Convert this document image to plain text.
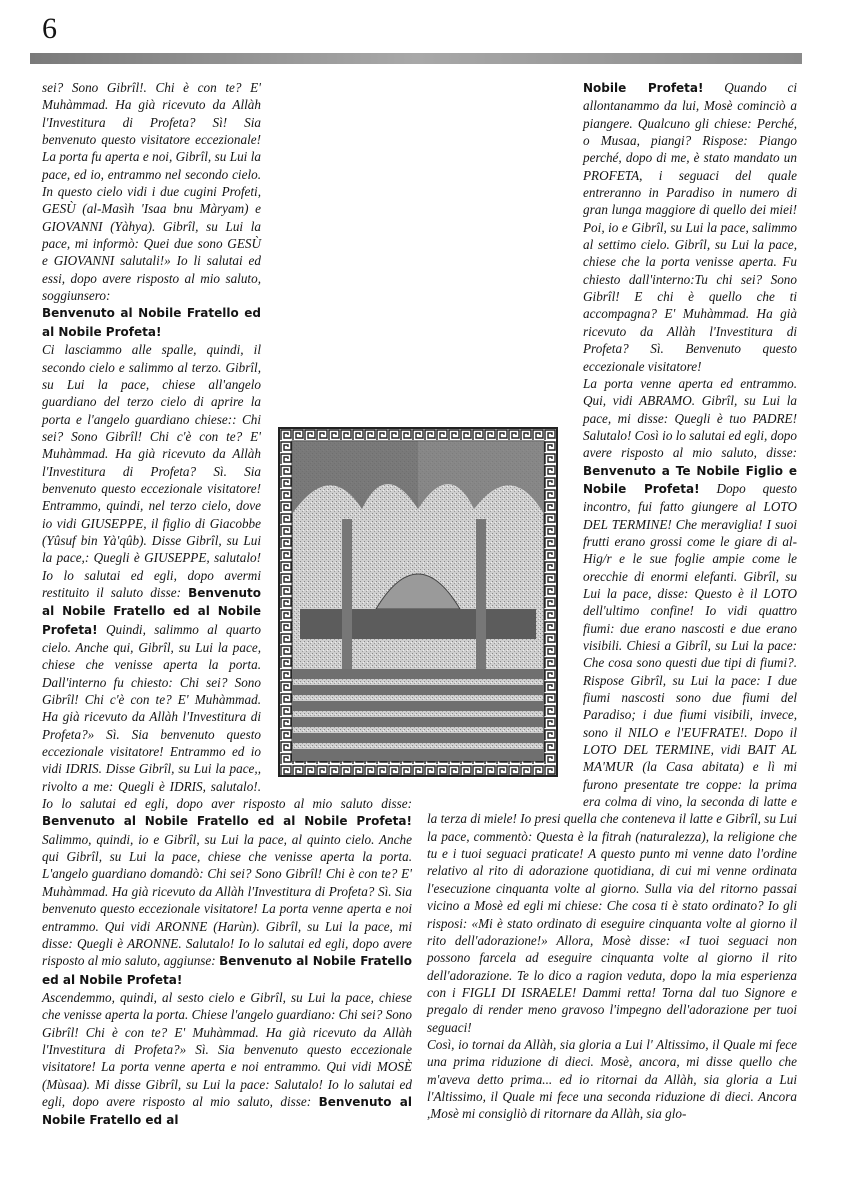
6

sei? Sono Gibrîl!. Chi è con te? E' Muhàmmad. Ha già ricevuto da Allàh l'Investitura di Profeta? Sì! Sia benvenuto questo visitatore eccezionale! La porta fu aperta e noi, Gibrîl, su Lui la pace, ed io, entrammo nel secondo cielo. In questo cielo vidi i due cugini Profeti, GESÙ (al-Masìh 'Isaa bnu Màryam) e GIOVANNI (Yàhya). Gibrîl, su Lui la pace, mi informò: Quei due sono GESÙ e GIOVANNI salutali!» Io li salutai ed essi, dopo avere risposto al mio saluto, soggiunsero:

Benvenuto al Nobile Fratello ed al Nobile Profeta!

Ci lasciammo alle spalle, quindi, il secondo cielo e salimmo al terzo. Gibrîl, su Lui la pace, chiese all'angelo guardiano del terzo cielo di aprire la porta e l'angelo guardiano chiese:: Chi sei? Sono Gibrîl! Chi c'è con te? E' Muhàmmad. Ha già ricevuto da Allàh l'Investitura di Profeta? Sì. Sia benvenuto questo eccezionale visitatore! Entrammo, quindi, nel terzo cielo, dove io vidi GIUSEPPE, il figlio di Giacobbe (Yûsuf bin Yà'qûb). Disse Gibrîl, su Lui la pace,: Quegli è GIUSEPPE, salutalo! Io lo salutai ed egli, dopo avermi restituito il saluto disse: Benvenuto al Nobile Fratello ed al Nobile Profeta! Quindi, salimmo al quarto cielo. Anche qui, Gibrîl, su Lui la pace, chiese che venisse aperta la porta. Dall'interno fu chiesto: Chi sei? Sono Gibrîl! Chi c'è con te? E' Muhàmmad. Ha già ricevuto da Allàh l'Investitura di Profeta?» Sì. Sia benvenuto questo eccezionale visitatore! Entrammo ed io vidi IDRIS. Disse Gibrîl, su Lui la pace,, rivolto a me: Quegli è IDRIS, salutalo!. Io lo salutai ed egli, dopo aver risposto al mio saluto disse: Benvenuto al Nobile Fratello ed al Nobile Profeta! Salimmo, quindi, io e Gibrîl, su Lui la pace, al quinto cielo. Anche qui Gibrîl, su Lui la pace, chiese che venisse aperta la porta. L'angelo guardiano domandò: Chi sei? Sono Gibrîl! Chi è con te? E' Muhàmmad. Ha già ricevuto da Allàh l'Investitura di Profeta? Sì. Sia benvenuto questo eccezionale visitatore! La porta venne aperta e noi entrammo. Qui vidi ARONNE (Harùn). Gibrîl, su Lui la pace, mi disse: Quegli è ARONNE. Salutalo! Io lo salutai ed egli, dopo avere risposto al mio saluto, aggiunse: Benvenuto al Nobile Fratello ed al Nobile Profeta!

Ascendemmo, quindi, al sesto cielo e Gibrîl, su Lui la pace, chiese che venisse aperta la porta. Chiese l'angelo guardiano: Chi sei? Sono Gibrîl! Chi è con te? E' Muhàmmad. Ha già ricevuto da Allàh l'Investitura di Profeta?» Sì. Sia benvenuto questo eccezionale visitatore! La porta venne aperta e noi entrammo. Qui vidi MOSÈ (Mùsaa). Mi disse Gibrîl, su Lui la pace: Salutalo! Io lo salutai ed egli, dopo avere risposto al mio saluto, disse: Benvenuto al Nobile Fratello ed al

Nobile Profeta! Quando ci allontanammo da lui, Mosè cominciò a piangere. Qualcuno gli chiese: Perché, o Musaa, piangi? Rispose: Piango perché, dopo di me, è stato mandato un PROFETA, i seguaci del quale entreranno in Paradiso in numero di gran lunga maggiore di quello dei miei! Poi, io e Gibrîl, su Lui la pace, salimmo al settimo cielo. Gibrîl, su Lui la pace, chiese che la porta venisse aperta. Fu chiesto dall'interno:Tu chi sei? Sono Gibrîl! E chi è quello che ti accompagna? E' Muhàmmad. Ha già ricevuto da Allàh l'Investitura di Profeta? Sì. Benvenuto questo eccezionale visitatore!

La porta venne aperta ed entrammo. Qui, vidi ABRAMO. Gibrîl, su Lui la pace, mi disse: Quegli è tuo PADRE! Salutalo! Così io lo salutai ed egli, dopo avere risposto al mio saluto, disse: Benvenuto a Te Nobile Figlio e Nobile Profeta! Dopo questo incontro, fui fatto giungere al LOTO DEL TERMINE! Che meraviglia! I suoi frutti erano grossi come le giare di al-Hig/r e le sue foglie ampie come le orecchie di enormi elefanti. Gibrîl, su Lui la pace, disse: Questo è il LOTO dell'ultimo confine! Io vidi quattro fiumi: due erano nascosti e due erano visibili. Chiesi a Gibrîl, su Lui la pace: Che cosa sono questi due tipi di fiumi?. Rispose Gibrîl, su Lui la pace: I due fiumi nascosti sono due fiumi del Paradiso; i due fiumi visibili, invece, sono il NILO e l'EUFRATE!. Dopo il LOTO DEL TERMINE, vidi BAIT AL MA'MUR (la Casa abitata) e lì mi furono presentate tre coppe: la prima era colma di vino, la seconda di latte e la terza di miele! Io presi quella che conteneva il latte e Gibrîl, su Lui la pace, commentò: Questa è la fitrah (naturalezza), la religione che tu e i tuoi seguaci praticate! A questo punto mi venne dato l'ordine relativo al rito di adorazione quotidiana, di cui mi venne ordinata l'esecuzione cinquanta volte al giorno. Sulla via del ritorno passai vicino a Mosè ed egli mi chiese: Che cosa ti è stato ordinato? Io gli risposi: «Mi è stato ordinato di eseguire cinquanta volte al giorno il rito dell'adorazione!» Allora, Mosè disse: «I tuoi seguaci non possono farcela ad eseguire cinquanta volte al giorno il rito dell'adorazione. Te lo dico a ragion veduta, dopo la mia esperienza con i FIGLI DI ISRAELE! Dammi retta! Torna dal tuo Signore e pregalo di render meno gravoso l'impegno dell'adorazione per tuoi seguaci!

Così, io tornai da Allàh, sia gloria a Lui l' Altissimo, il Quale mi fece una prima riduzione di dieci. Mosè, ancora, mi disse quello che m'aveva detto prima... ed io ritornai da Allàh, sia gloria a Lui l'Altissimo, il Quale mi fece una seconda riduzione di dieci. Ancora ,Mosè mi consigliò di ritornare da Allàh, sia glo-
